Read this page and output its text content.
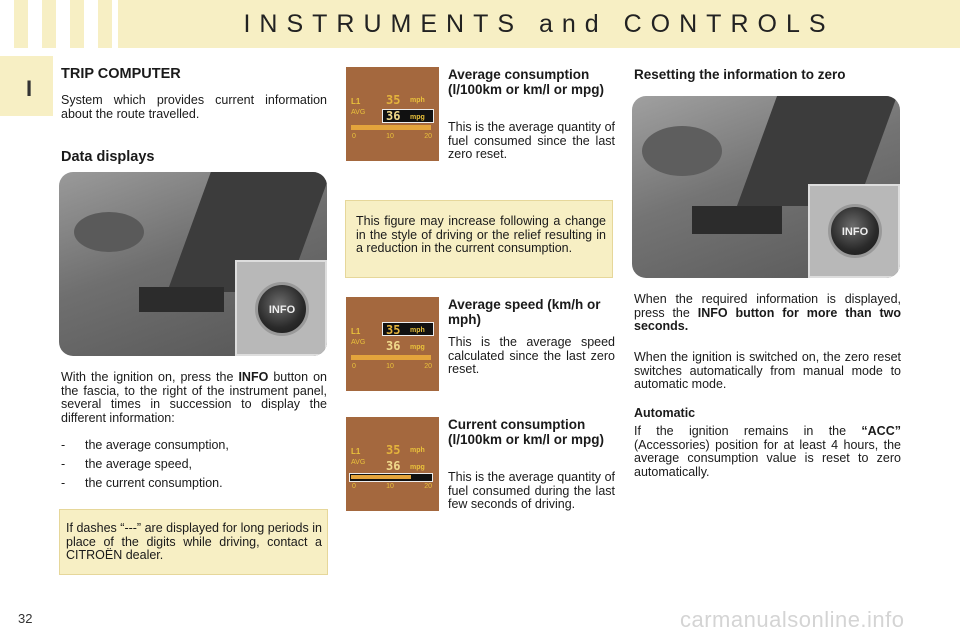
INSTRUMENTS and CONTROLS
I
TRIP COMPUTER
System which provides current information about the route travelled.
Data displays
INFO
With the ignition on, press the INFO button on the fascia, to the right of the instrument panel, several times in succession to display the different information:
- the average consumption,
- the average speed,
- the current consumption.
If dashes “---” are displayed for long periods in place of the digits while driving, contact a CITROËN dealer.
L1
AVG
35 mph
36 mpg
0	10	20
Average consumption (l/100km or km/l or mpg)
This is the average quantity of fuel consumed since the last zero reset.
This figure may increase following a change in the style of driving or the relief resulting in a reduction in the current consumption.
L1
AVG
35 mph
36 mpg
0	10	20
Average speed (km/h or mph)
This is the average speed calculated since the last zero reset.
L1
AVG
35 mph
36 mpg
0	10	20
Current consumption (l/100km or km/l or mpg)
This is the average quantity of fuel consumed during the last few seconds of driving.
Resetting the information to zero
INFO
When the required information is displayed, press the INFO button for more than two seconds.
When the ignition is switched on, the zero reset switches automatically from manual mode to automatic mode.
Automatic
If the ignition remains in the “ACC” (Accessories) position for at least 4 hours, the average consumption value is reset to zero automatically.
32	carmanualsonline.info
